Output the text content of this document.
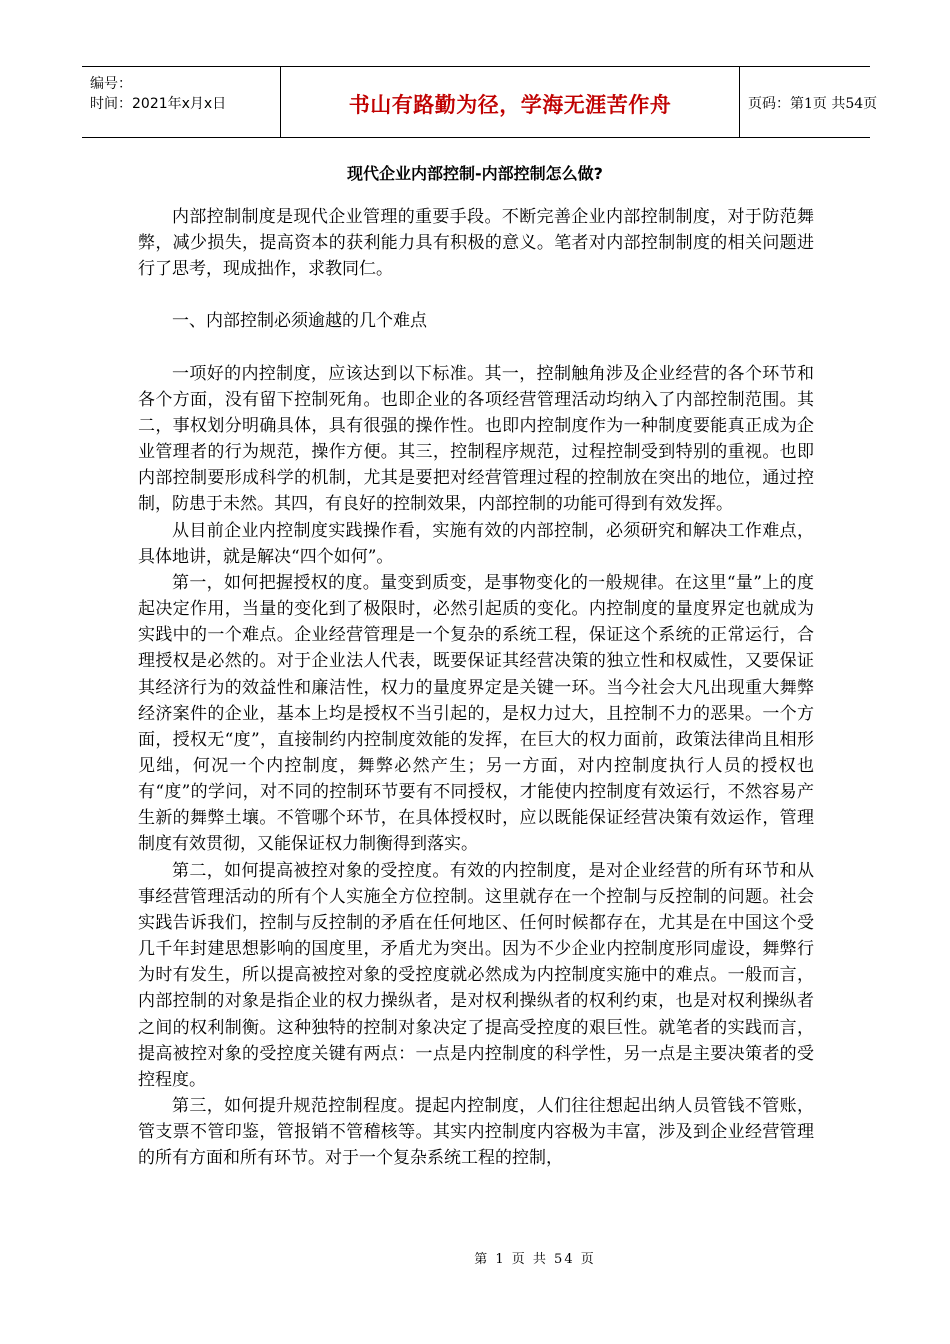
编号：
时间：2021年x月x日	书山有路勤为径，学海无涯苦作舟	页码：第1页 共54页
现代企业内部控制-内部控制怎么做?

内部控制制度是现代企业管理的重要手段。不断完善企业内部控制制度，对于防范舞弊，减少损失，提高资本的获利能力具有积极的意义。笔者对内部控制制度的相关问题进行了思考，现成拙作，求教同仁。

一、内部控制必须逾越的几个难点

一项好的内控制度，应该达到以下标准。其一，控制触角涉及企业经营的各个环节和各个方面，没有留下控制死角。也即企业的各项经营管理活动均纳入了内部控制范围。其二，事权划分明确具体，具有很强的操作性。也即内控制度作为一种制度要能真正成为企业管理者的行为规范，操作方便。其三，控制程序规范，过程控制受到特别的重视。也即内部控制要形成科学的机制，尤其是要把对经营管理过程的控制放在突出的地位，通过控制，防患于未然。其四，有良好的控制效果，内部控制的功能可得到有效发挥。

从目前企业内控制度实践操作看，实施有效的内部控制，必须研究和解决工作难点，具体地讲，就是解决“四个如何”。

第一，如何把握授权的度。量变到质变，是事物变化的一般规律。在这里“量”上的度起决定作用，当量的变化到了极限时，必然引起质的变化。内控制度的量度界定也就成为实践中的一个难点。企业经营管理是一个复杂的系统工程，保证这个系统的正常运行，合理授权是必然的。对于企业法人代表，既要保证其经营决策的独立性和权威性，又要保证其经济行为的效益性和廉洁性，权力的量度界定是关键一环。当今社会大凡出现重大舞弊经济案件的企业，基本上均是授权不当引起的，是权力过大，且控制不力的恶果。一个方面，授权无“度”，直接制约内控制度效能的发挥，在巨大的权力面前，政策法律尚且相形见绌，何况一个内控制度，舞弊必然产生；另一方面，对内控制度执行人员的授权也有“度”的学问，对不同的控制环节要有不同授权，才能使内控制度有效运行，不然容易产生新的舞弊土壤。不管哪个环节，在具体授权时，应以既能保证经营决策有效运作，管理制度有效贯彻，又能保证权力制衡得到落实。

第二，如何提高被控对象的受控度。有效的内控制度，是对企业经营的所有环节和从事经营管理活动的所有个人实施全方位控制。这里就存在一个控制与反控制的问题。社会实践告诉我们，控制与反控制的矛盾在任何地区、任何时候都存在，尤其是在中国这个受几千年封建思想影响的国度里，矛盾尤为突出。因为不少企业内控制度形同虚设，舞弊行为时有发生，所以提高被控对象的受控度就必然成为内控制度实施中的难点。一般而言，内部控制的对象是指企业的权力操纵者，是对权利操纵者的权利约束，也是对权利操纵者之间的权利制衡。这种独特的控制对象决定了提高受控度的艰巨性。就笔者的实践而言，提高被控对象的受控度关键有两点：一点是内控制度的科学性，另一点是主要决策者的受控程度。

第三，如何提升规范控制程度。提起内控制度，人们往往想起出纳人员管钱不管账，管支票不管印鉴，管报销不管稽核等。其实内控制度内容极为丰富，涉及到企业经营管理的所有方面和所有环节。对于一个复杂系统工程的控制，

第 1 页 共 54 页
